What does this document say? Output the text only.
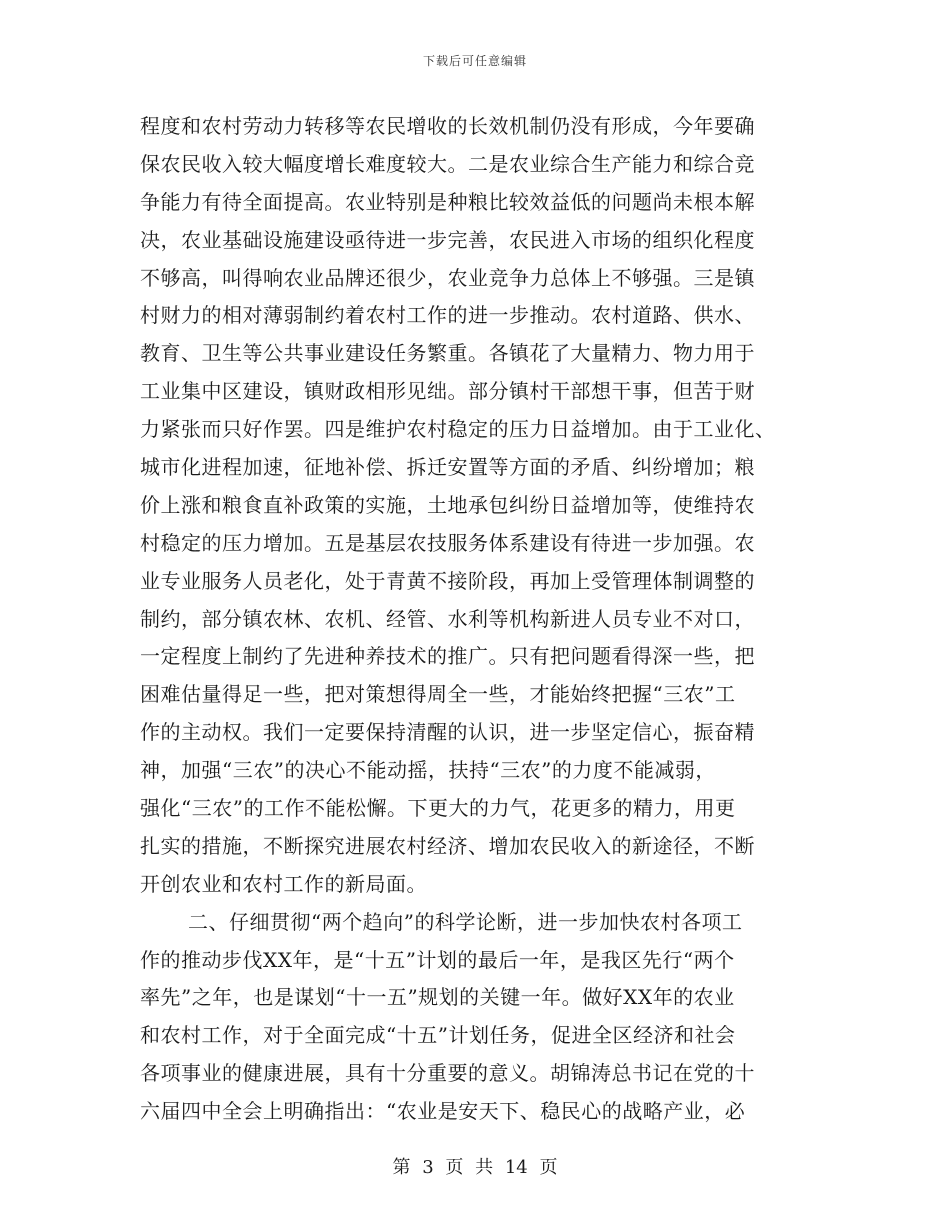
下载后可任意编辑
程度和农村劳动力转移等农民增收的长效机制仍没有形成，今年要确
保农民收入较大幅度增长难度较大。二是农业综合生产能力和综合竞
争能力有待全面提高。农业特别是种粮比较效益低的问题尚未根本解
决，农业基础设施建设亟待进一步完善，农民进入市场的组织化程度
不够高，叫得响农业品牌还很少，农业竞争力总体上不够强。三是镇
村财力的相对薄弱制约着农村工作的进一步推动。农村道路、供水、
教育、卫生等公共事业建设任务繁重。各镇花了大量精力、物力用于
工业集中区建设，镇财政相形见绌。部分镇村干部想干事，但苦于财
力紧张而只好作罢。四是维护农村稳定的压力日益增加。由于工业化、
城市化进程加速，征地补偿、拆迁安置等方面的矛盾、纠纷增加；粮
价上涨和粮食直补政策的实施，土地承包纠纷日益增加等，使维持农
村稳定的压力增加。五是基层农技服务体系建设有待进一步加强。农
业专业服务人员老化，处于青黄不接阶段，再加上受管理体制调整的
制约，部分镇农林、农机、经管、水利等机构新进人员专业不对口，
一定程度上制约了先进种养技术的推广。只有把问题看得深一些，把
困难估量得足一些，把对策想得周全一些，才能始终把握“三农”工
作的主动权。我们一定要保持清醒的认识，进一步坚定信心，振奋精
神，加强“三农”的决心不能动摇，扶持“三农”的力度不能减弱，
强化“三农”的工作不能松懈。下更大的力气，花更多的精力，用更
扎实的措施，不断探究进展农村经济、增加农民收入的新途径，不断
开创农业和农村工作的新局面。
二、仔细贯彻“两个趋向”的科学论断，进一步加快农村各项工
作的推动步伐XX年，是“十五”计划的最后一年，是我区先行“两个
率先”之年，也是谋划“十一五”规划的关键一年。做好XX年的农业
和农村工作，对于全面完成“十五”计划任务，促进全区经济和社会
各项事业的健康进展，具有十分重要的意义。胡锦涛总书记在党的十
六届四中全会上明确指出：“农业是安天下、稳民心的战略产业，必
第 3 页 共 14 页
